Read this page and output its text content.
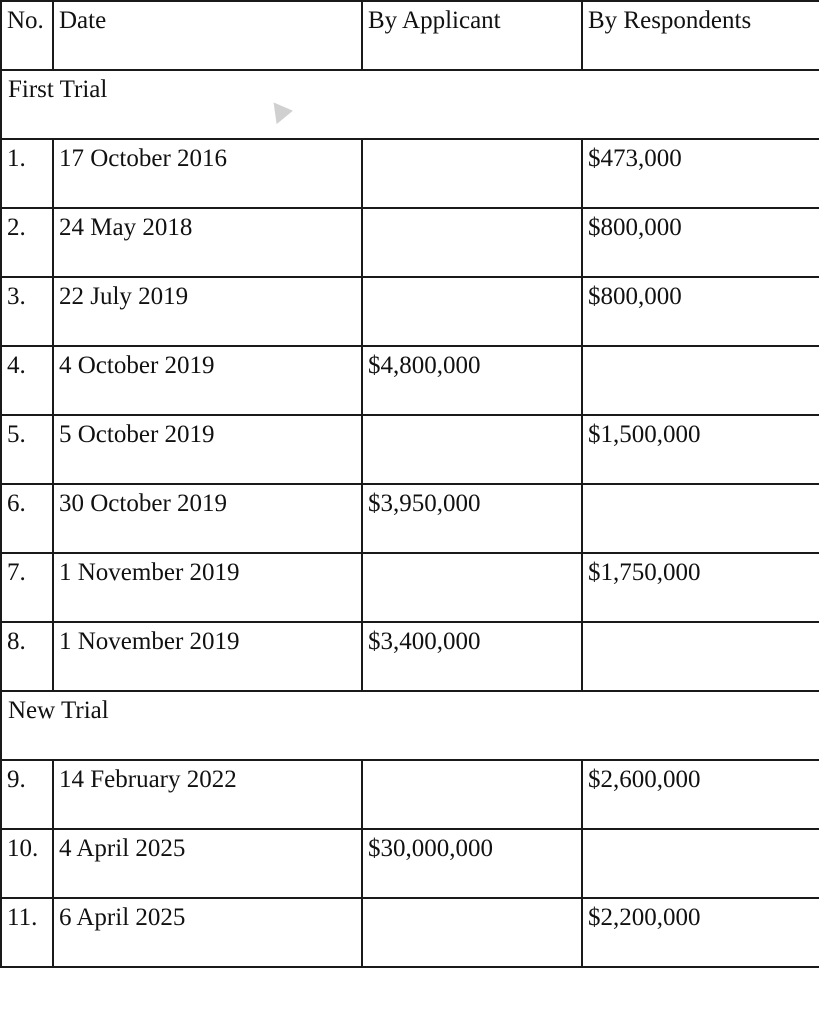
No.	Date	By Applicant	By Respondents
First Trial			
1.	17 October 2016		$473,000
2.	24 May 2018		$800,000
3.	22 July 2019		$800,000
4.	4 October 2019	$4,800,000	
5.	5 October 2019		$1,500,000
6.	30 October 2019	$3,950,000	
7.	1 November 2019		$1,750,000
8.	1 November 2019	$3,400,000	
New Trial			
9.	14 February 2022		$2,600,000
10.	4 April 2025	$30,000,000	
11.	6 April 2025		$2,200,000
